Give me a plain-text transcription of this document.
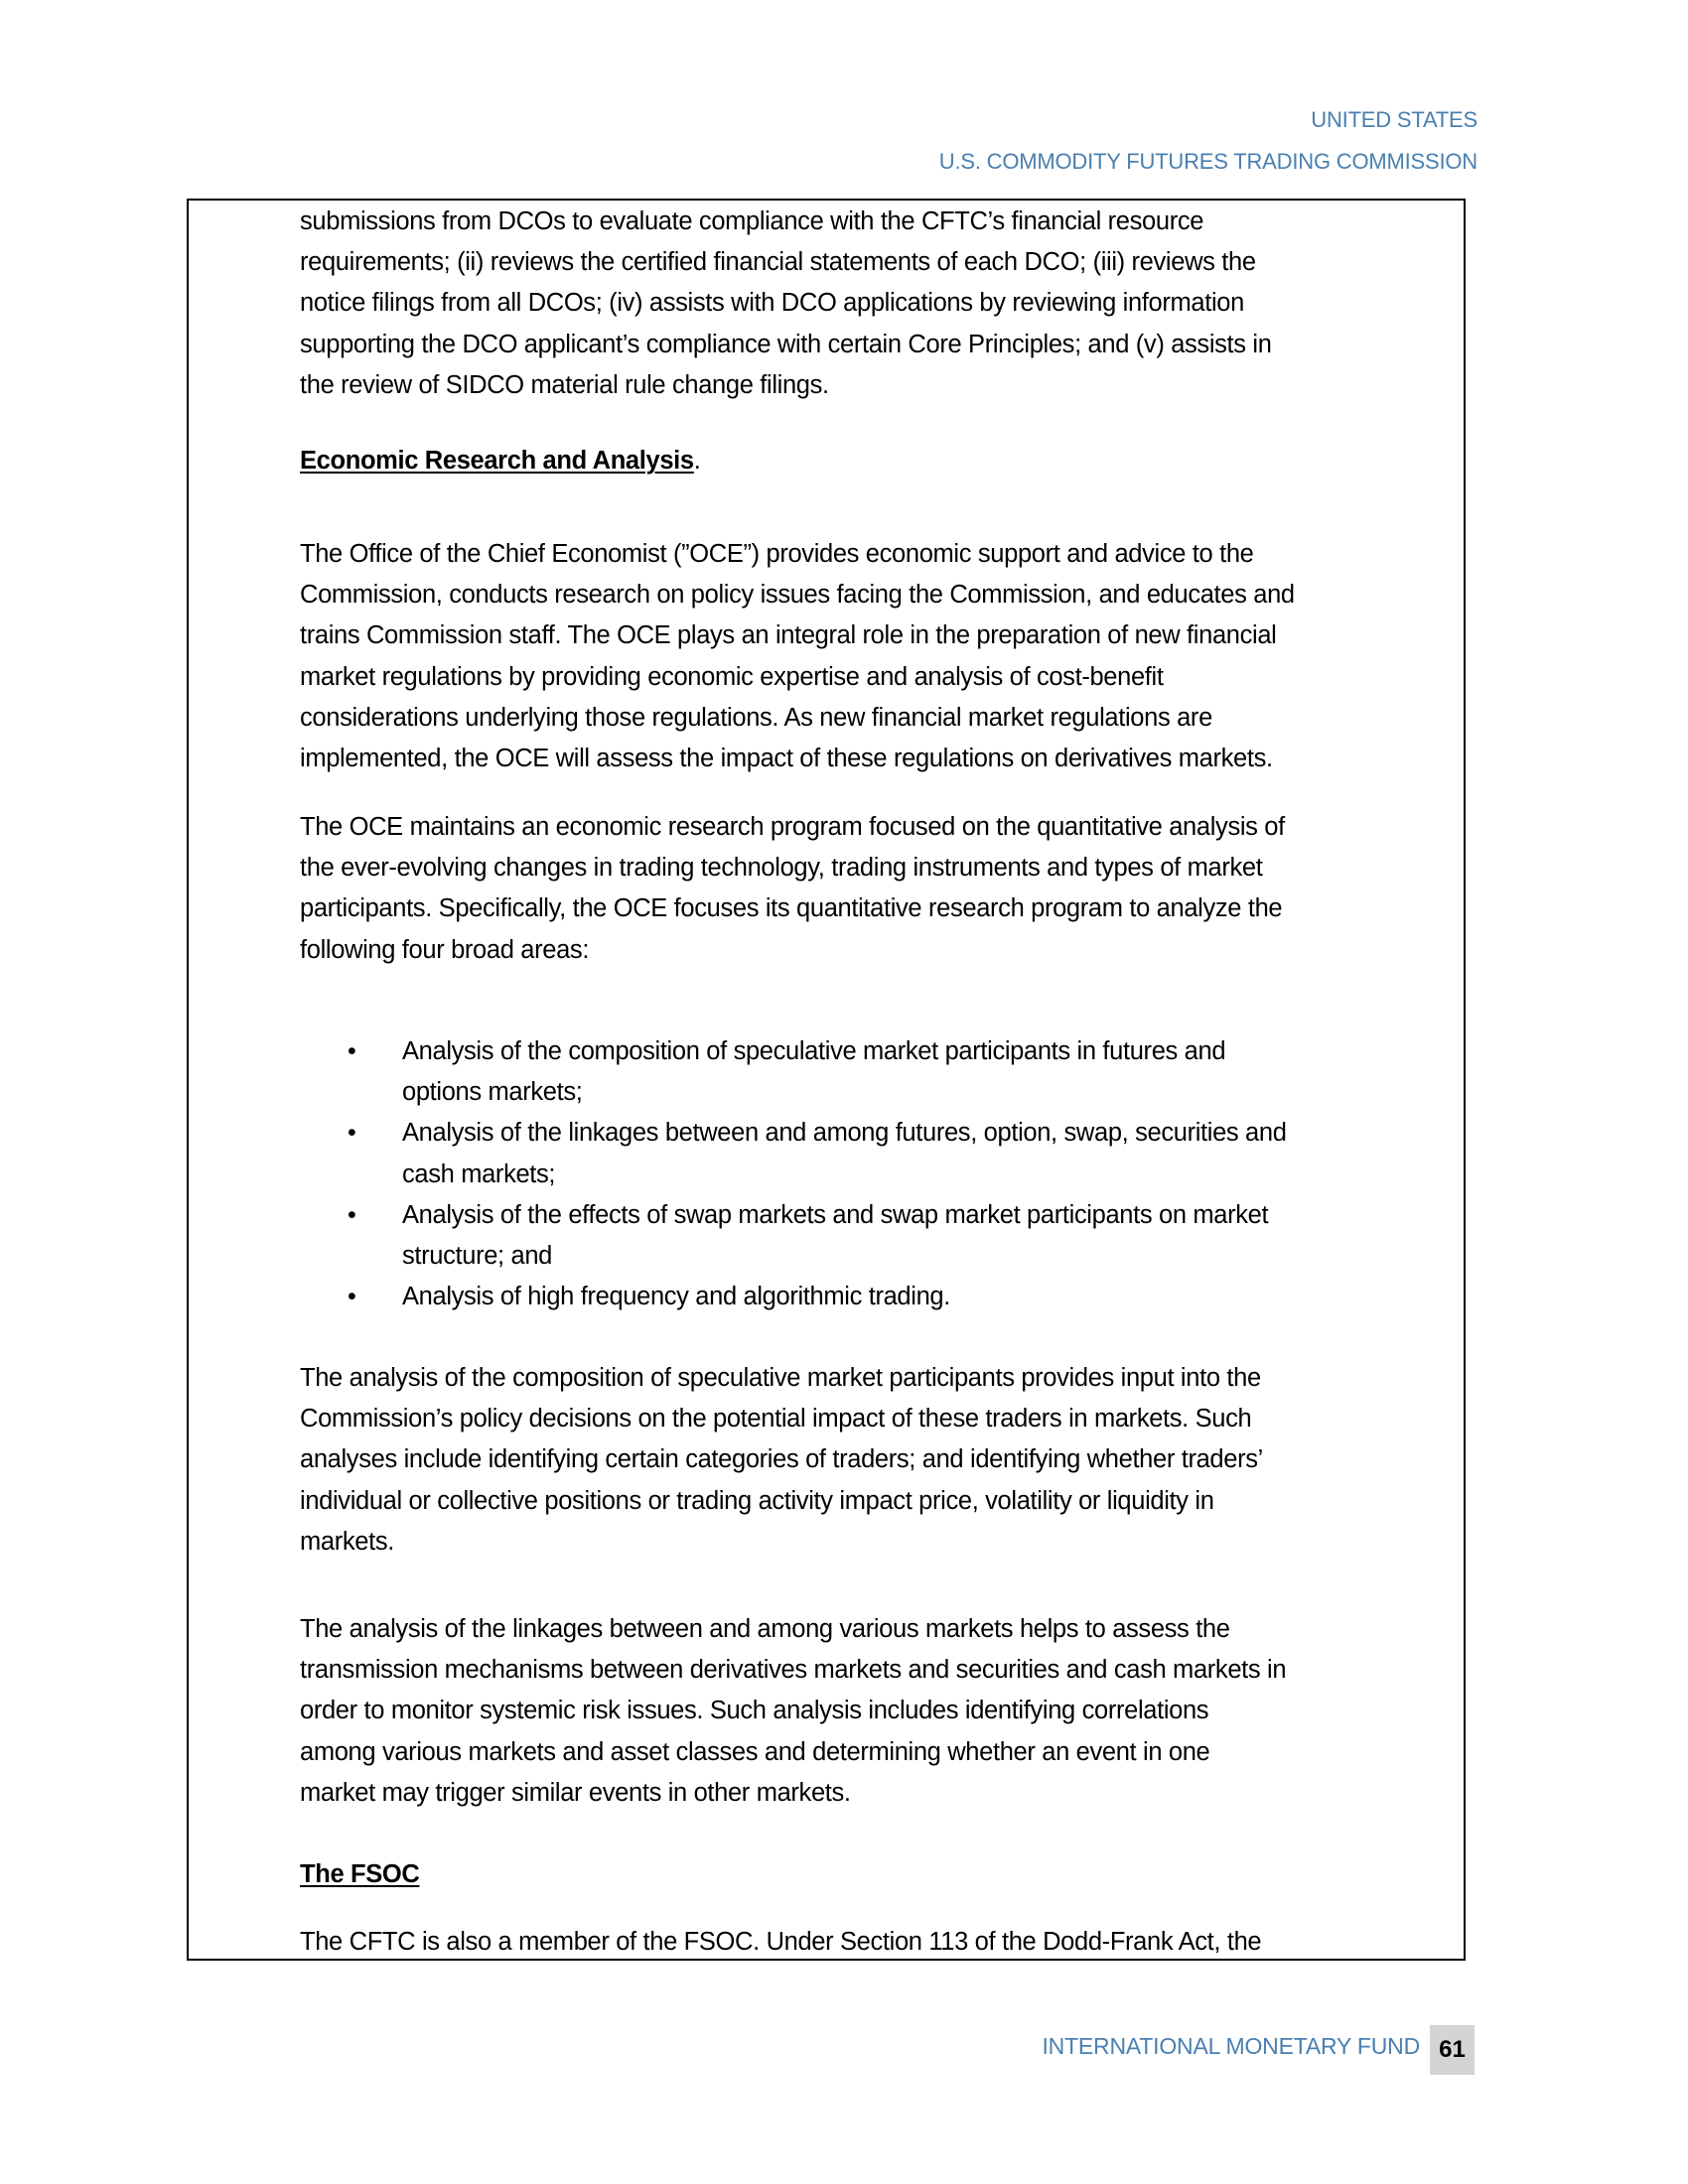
UNITED STATES
U.S. COMMODITY FUTURES TRADING COMMISSION
submissions from DCOs to evaluate compliance with the CFTC’s financial resource
requirements; (ii) reviews the certified financial statements of each DCO; (iii) reviews the
notice filings from all DCOs; (iv) assists with DCO applications by reviewing information
supporting the DCO applicant’s compliance with certain Core Principles; and (v) assists in
the review of SIDCO material rule change filings.
Economic Research and Analysis.
The Office of the Chief Economist (”OCE”) provides economic support and advice to the
Commission, conducts research on policy issues facing the Commission, and educates and
trains Commission staff. The OCE plays an integral role in the preparation of new financial
market regulations by providing economic expertise and analysis of cost-benefit
considerations underlying those regulations. As new financial market regulations are
implemented, the OCE will assess the impact of these regulations on derivatives markets.
The OCE maintains an economic research program focused on the quantitative analysis of
the ever-evolving changes in trading technology, trading instruments and types of market
participants. Specifically, the OCE focuses its quantitative research program to analyze the
following four broad areas:
• Analysis of the composition of speculative market participants in futures and
options markets;
• Analysis of the linkages between and among futures, option, swap, securities and
cash markets;
• Analysis of the effects of swap markets and swap market participants on market
structure; and
• Analysis of high frequency and algorithmic trading.
The analysis of the composition of speculative market participants provides input into the
Commission’s policy decisions on the potential impact of these traders in markets. Such
analyses include identifying certain categories of traders; and identifying whether traders’
individual or collective positions or trading activity impact price, volatility or liquidity in
markets.
The analysis of the linkages between and among various markets helps to assess the
transmission mechanisms between derivatives markets and securities and cash markets in
order to monitor systemic risk issues. Such analysis includes identifying correlations
among various markets and asset classes and determining whether an event in one
market may trigger similar events in other markets.
The FSOC
The CFTC is also a member of the FSOC. Under Section 113 of the Dodd-Frank Act, the
INTERNATIONAL MONETARY FUND 61
